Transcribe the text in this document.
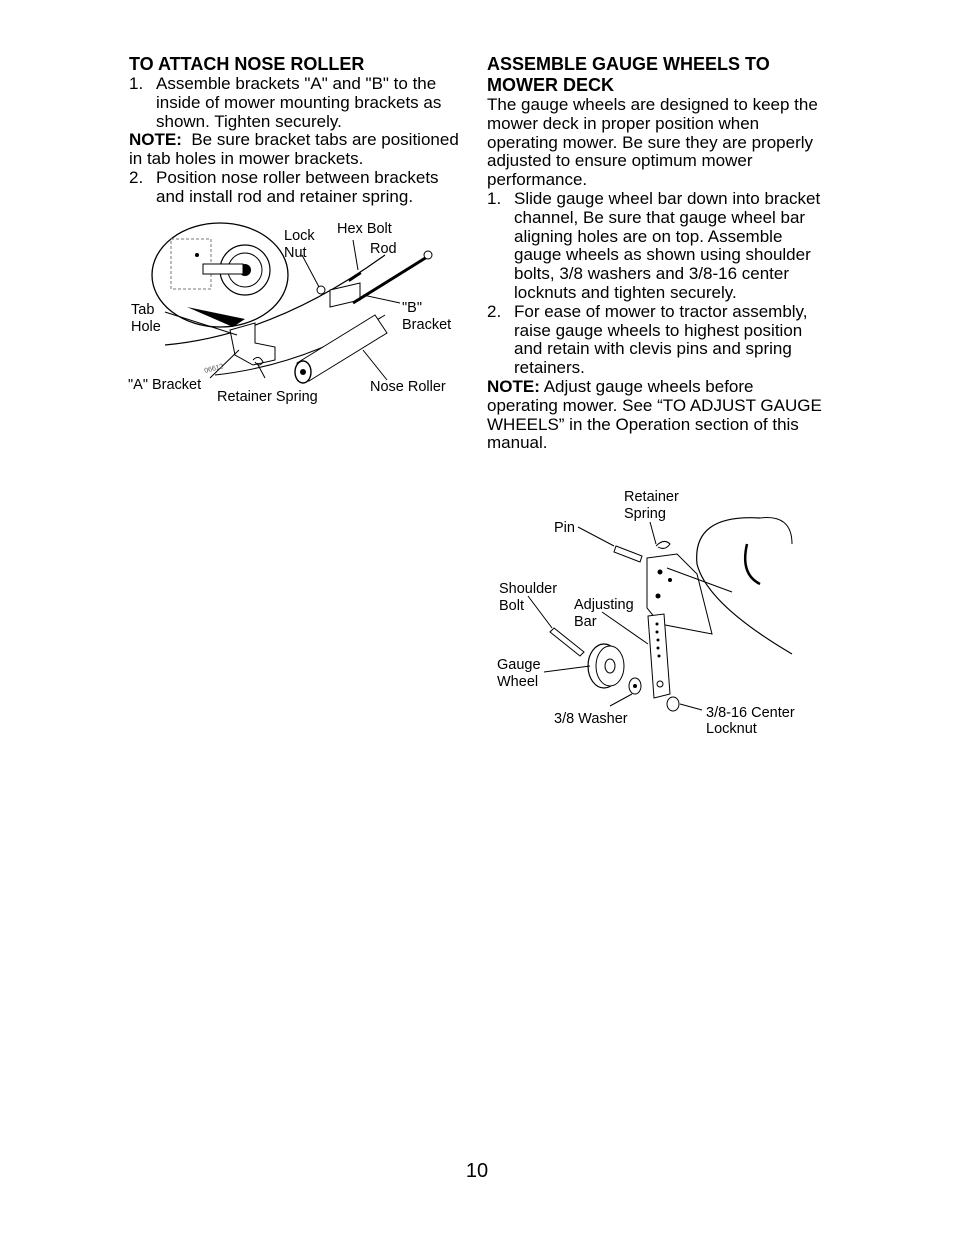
TO ATTACH NOSE ROLLER
1. Assemble brackets "A" and "B" to the inside of mower mounting brackets as shown. Tighten securely.

NOTE: Be sure bracket tabs are positioned in tab holes in mower brackets.

2. Position nose roller between brackets and install rod and retainer spring.
Lock
Nut
Hex Bolt
Rod
Tab
Hole
"B"
Bracket
"A" Bracket
Retainer Spring
Nose Roller
06612
ASSEMBLE GAUGE WHEELS TO
MOWER DECK

The gauge wheels are designed to keep the mower deck in proper position when operating mower. Be sure they are properly adjusted to ensure optimum mower performance.

1. Slide gauge wheel bar down into bracket channel, Be sure that gauge wheel bar aligning holes are on top. Assemble gauge wheels as shown using shoulder bolts, 3/8 washers and 3/8-16 center locknuts and tighten securely.
2. For ease of mower to tractor assembly, raise gauge wheels to highest position and retain with clevis pins and spring retainers.

NOTE: Adjust gauge wheels before operating mower. See “TO ADJUST GAUGE WHEELS” in the Operation section of this manual.

Retainer
Spring
Pin
Shoulder
Bolt	Adjusting
Bar
Gauge
Wheel
3/8 Washer	3/8-16 Center
Locknut
10
